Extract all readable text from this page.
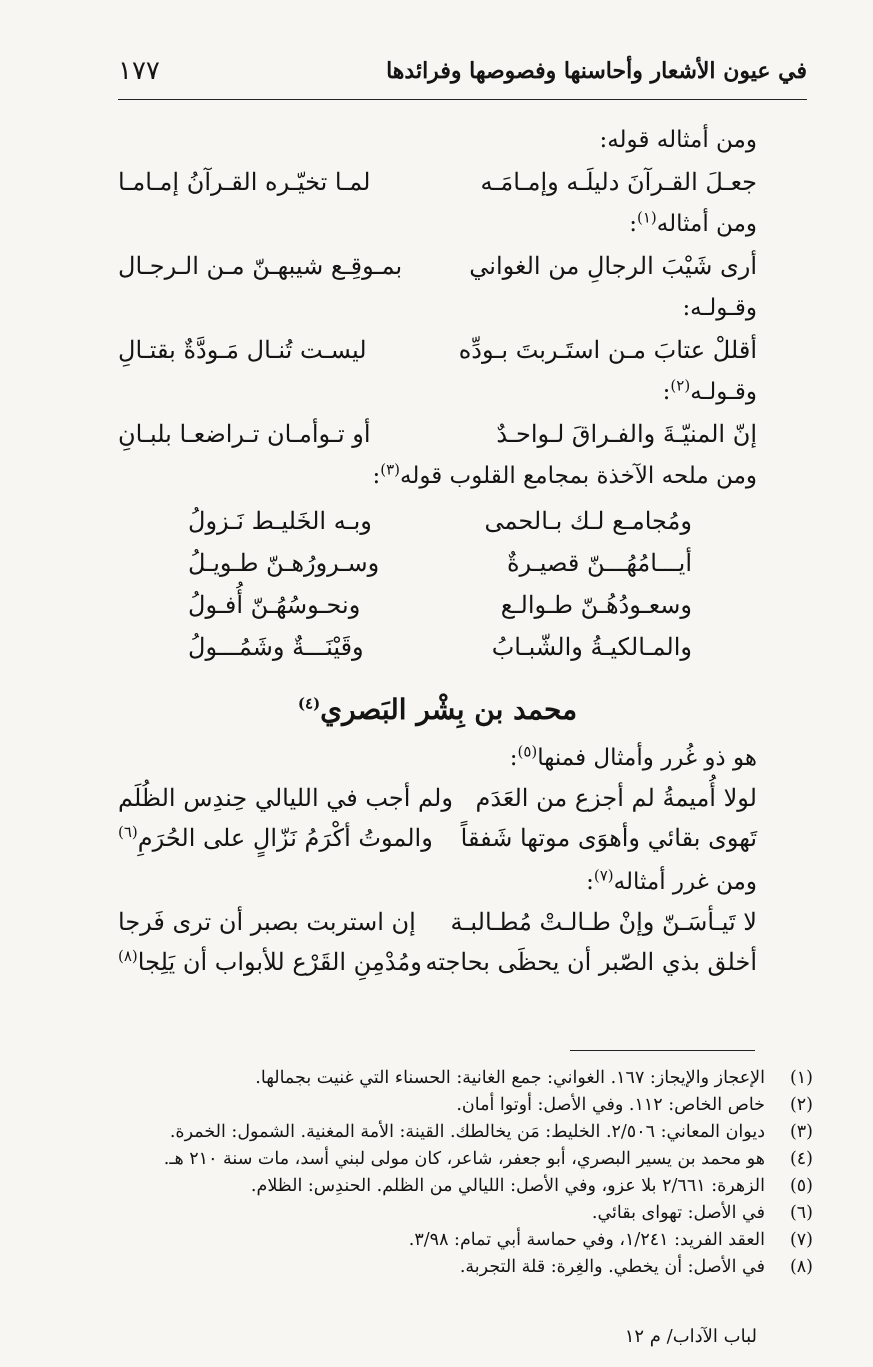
في عيون الأشعار وأحاسنها وفصوصها وفرائدها
١٧٧
ومن أمثاله قوله:
جعـلَ القـرآنَ دليلَـه وإمـامَـه
لمـا تخيّـره القـرآنُ إمـامـا
ومن أمثاله$^{(١)}$:
أرى شَيْبَ الرجالِ من الغواني
بمـوقِـع شيبهـنّ مـن الـرجـال
وقـولـه:
أقللْ عتابَ مـن استَـربتَ بـودِّه
ليسـت تُنـال مَـودَّةٌ بقتـالِ
وقـولـه$^{(٢)}$:
إنّ المنيّـةَ والفـراقَ لـواحـدٌ
أو تـوأمـان تـراضعـا بلبـانِ
ومن ملحه الآخذة بمجامع القلوب قوله$^{(٣)}$:
ومُجامـع لـك بـالحمى
وبـه الخَليـط نَـزولُ
أيـــامُهُـــنّ قصيـرةٌ
وسـرورُهـنّ طـويـلُ
وسعـودُهُـنّ طـوالـع
ونحـوسُهُـنّ أُفـولُ
والمـالكيـةُ والشّبـابُ
وقَيْنَـــةٌ وشَمُـــولُ
محمد بن بِشْر البَصري$^{(٤)}$
هو ذو غُرر وأمثال فمنها$^{(٥)}$:
لولا أُميمةُ لم أجزع من العَدَم
ولم أجب في الليالي حِندِس الظُلَم
تَهوى بقائي وأهوَى موتها شَفقاً
والموتُ أكْرَمُ نَزّالٍ على الحُرَمِ$^{(٦)}$
ومن غرر أمثاله$^{(٧)}$:
لا تَيـأسَـنّ وإنْ طـالـتْ مُطـالبـة
إن استربت بصبر أن ترى فَرجا
أخلق بذي الصّبر أن يحظَى بحاجته
ومُدْمِنِ القَرْع للأبواب أن يَلِجا$^{(٨)}$
(١)
الإعجاز والإيجاز: ١٦٧. الغواني: جمع الغانية: الحسناء التي غنيت بجمالها.
(٢)
خاص الخاص: ١١٢. وفي الأصل: أوتوا أمان.
(٣)
ديوان المعاني: ٢/٥٠٦. الخليط: مَن يخالطك. القينة: الأمة المغنية. الشمول: الخمرة.
(٤)
هو محمد بن يسير البصري، أبو جعفر، شاعر، كان مولى لبني أسد، مات سنة ٢١٠ هـ.
(٥)
الزهرة: ٢/٦٦١ بلا عزو، وفي الأصل: الليالي من الظلم. الحندِس: الظلام.
(٦)
في الأصل: تهواى بقائي.
(٧)
العقد الفريد: ١/٢٤١، وفي حماسة أبي تمام: ٣/٩٨.
(٨)
في الأصل: أن يخطي. والغِرة: قلة التجربة.
لباب الآداب/ م ١٢
